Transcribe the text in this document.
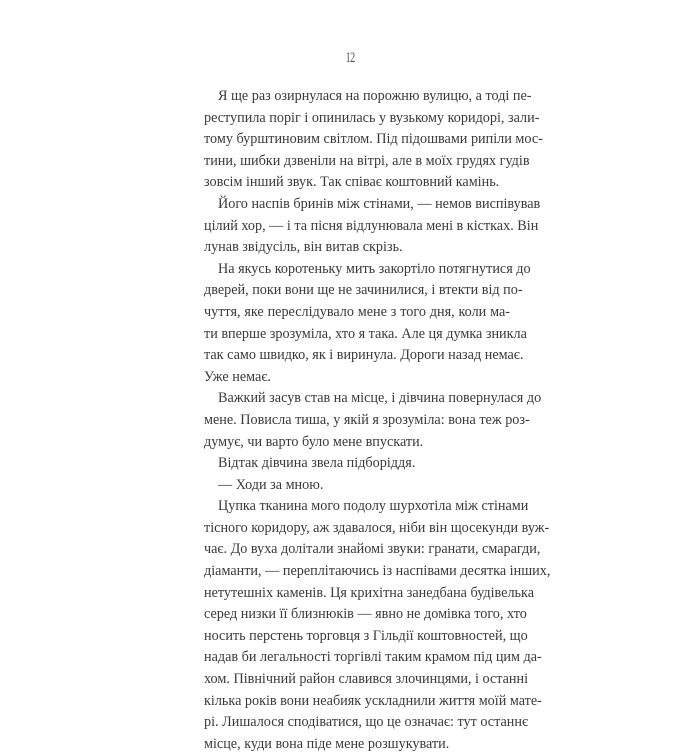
12
Я ще раз озирнулася на порожню вулицю, а тоді пе-
реступила поріг і опинилась у вузькому коридорі, зали-
тому бурштиновим світлом. Під підошвами рипіли мос-
тини, шибки дзвеніли на вітрі, але в моїх грудях гудів
зовсім інший звук. Так співає коштовний камінь.
Його наспів бринів між стінами, — немов виспівував
цілий хор, — і та пісня відлунювала мені в кістках. Він
лунав звідусіль, він витав скрізь.
На якусь коротеньку мить закортіло потягнутися до
дверей, поки вони ще не зачинилися, і втекти від по-
чуття, яке переслідувало мене з того дня, коли ма-
ти вперше зрозуміла, хто я така. Але ця думка зникла
так само швидко, як і виринула. Дороги назад немає.
Уже немає.
Важкий засув став на місце, і дівчина повернулася до
мене. Повисла тиша, у якій я зрозуміла: вона теж роз-
думує, чи варто було мене впускати.
Відтак дівчина звела підборіддя.
— Ходи за мною.
Цупка тканина мого подолу шурхотіла між стінами
тісного коридору, аж здавалося, ніби він щосекунди вуж-
чає. До вуха долітали знайомі звуки: гранати, смарагди,
діаманти, — переплітаючись із наспівами десятка інших,
нетутешніх каменів. Ця крихітна занедбана будівелька
серед низки її близнюків — явно не домівка того, хто
носить перстень торговця з Гільдії коштовностей, що
надав би легальності торгівлі таким крамом під цим да-
хом. Північний район славився злочинцями, і останні
кілька років вони неабияк ускладнили життя моїй мате-
рі. Лишалося сподіватися, що це означає: тут останнє
місце, куди вона піде мене розшукувати.
